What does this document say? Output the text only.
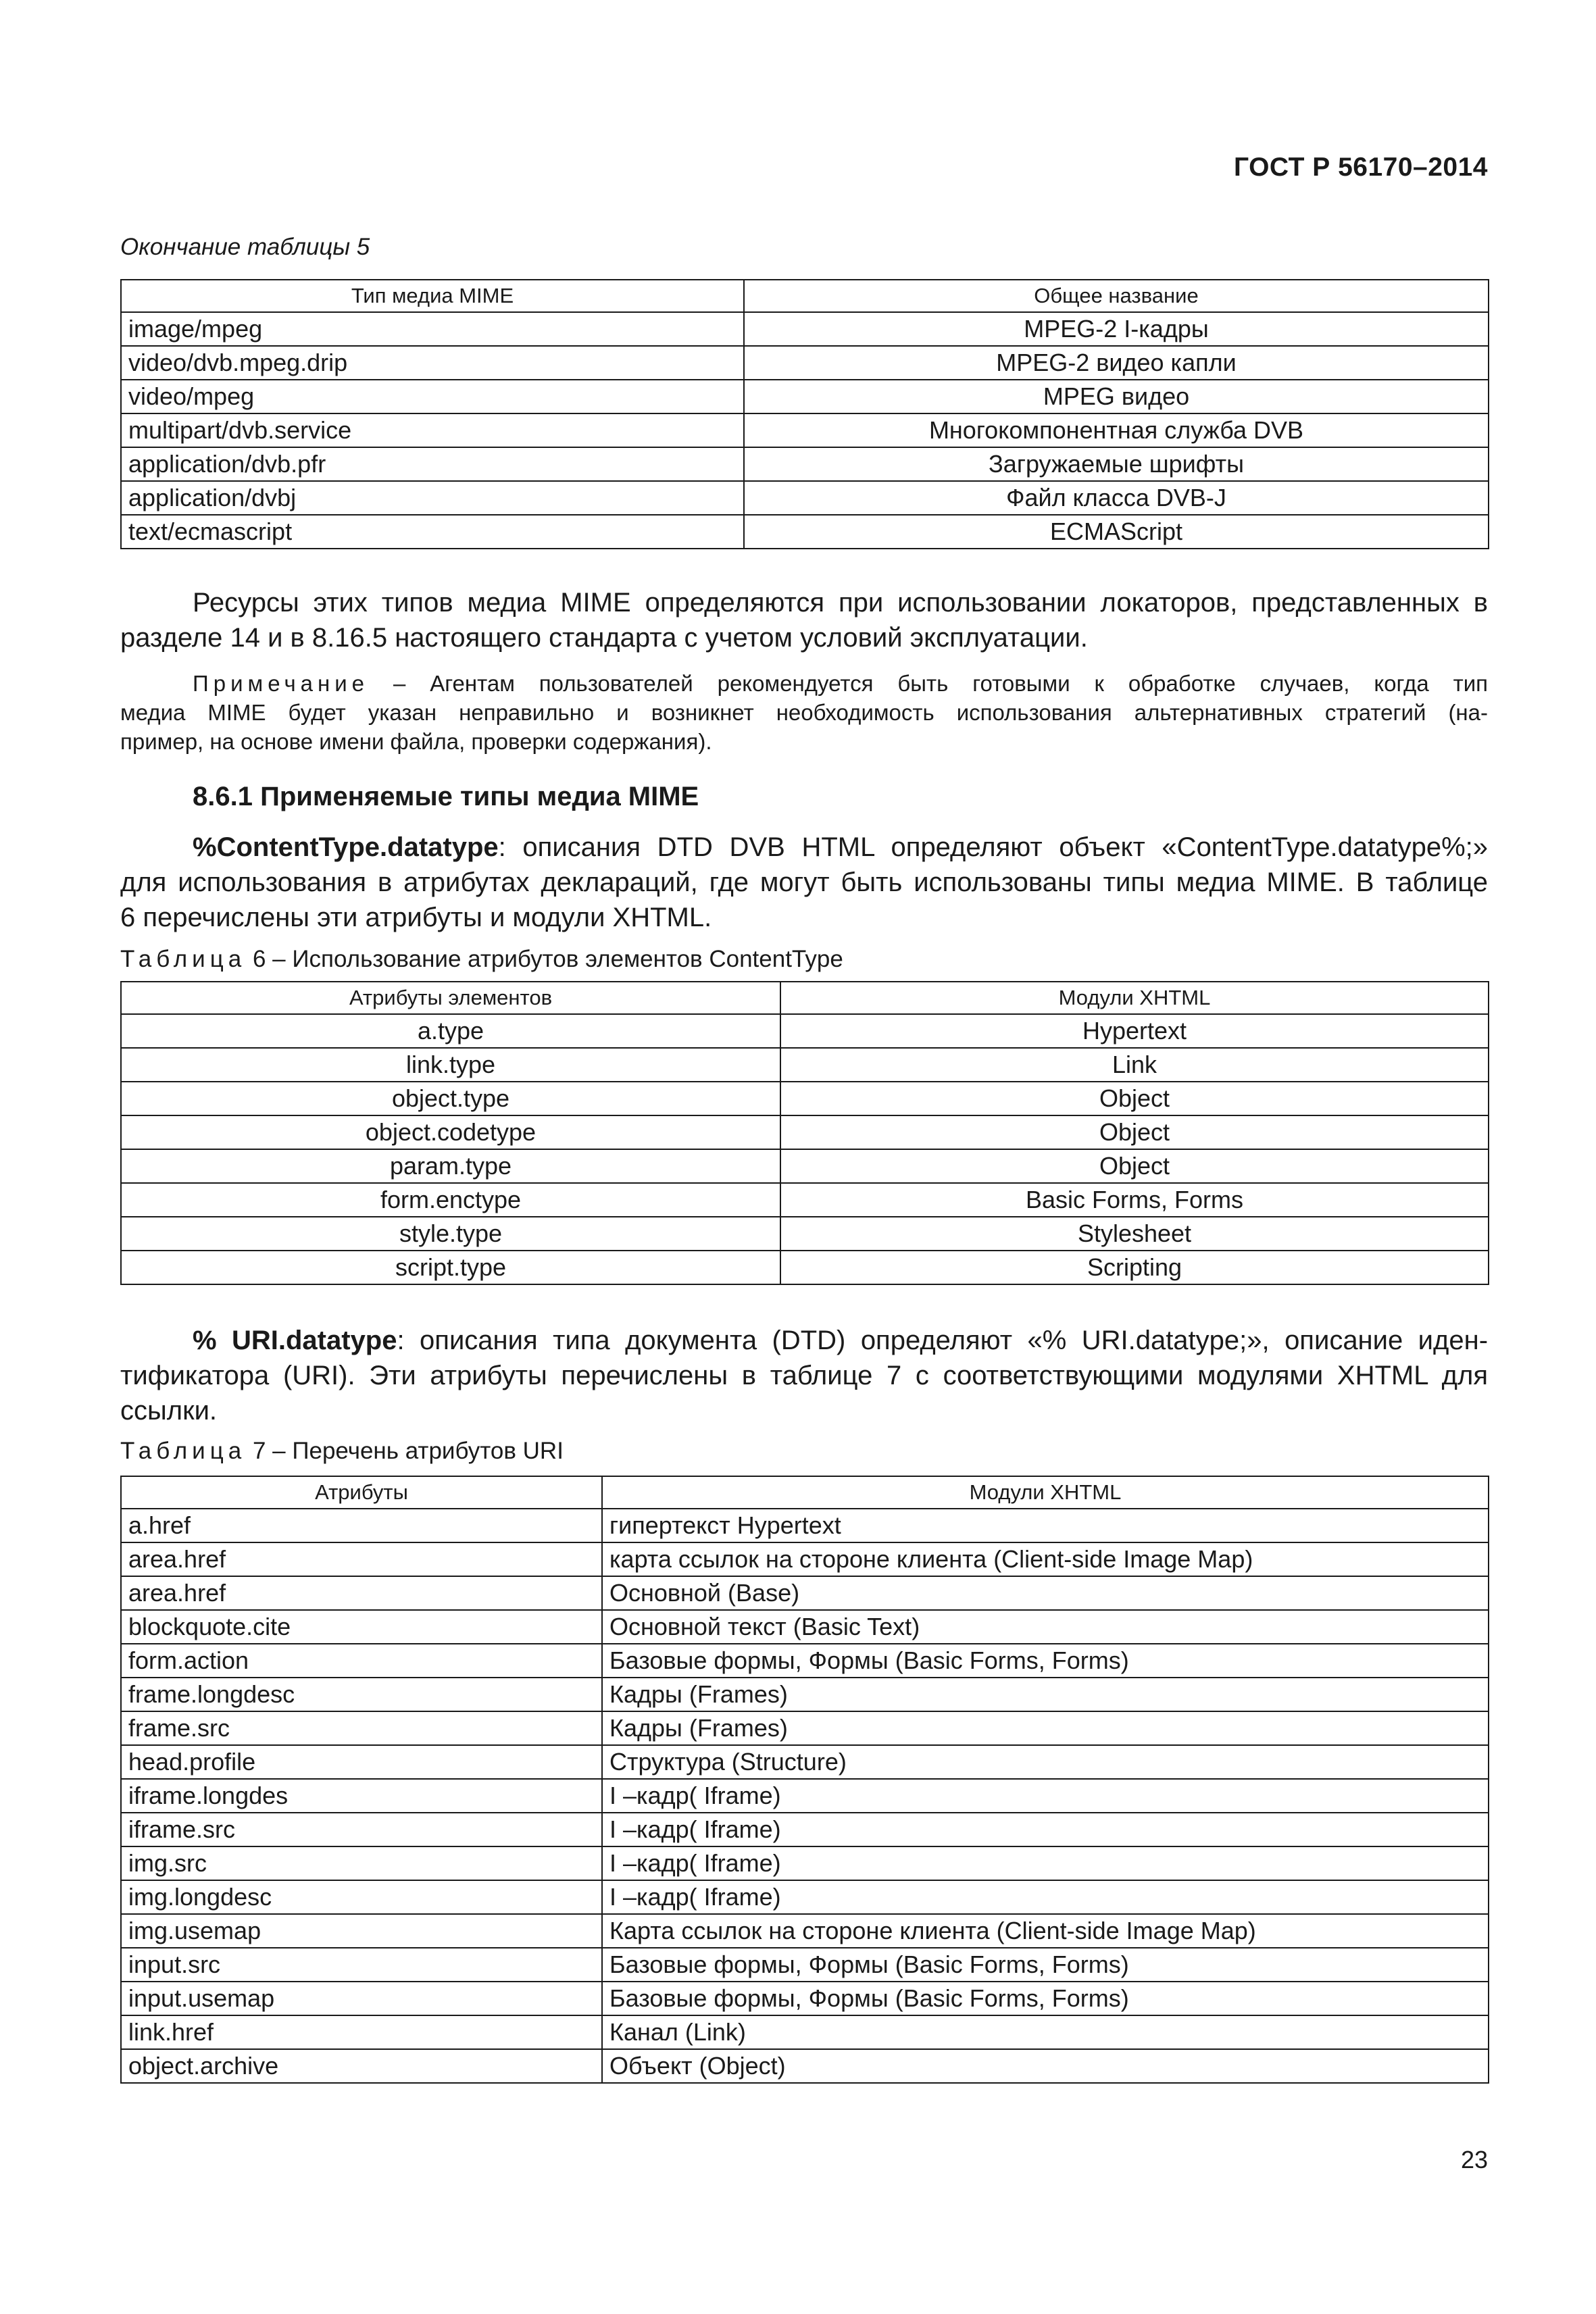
ГОСТ Р 56170–2014
Окончание таблицы 5
Тип медиа MIME	Общее название
image/mpeg	MPEG-2 I-кадры
video/dvb.mpeg.drip	MPEG-2 видео капли
video/mpeg	MPEG видео
multipart/dvb.service	Многокомпонентная служба DVB
application/dvb.pfr	Загружаемые шрифты
application/dvbj	Файл класса DVB-J
text/ecmascript	ECMAScript
Ресурсы этих типов медиа MIME определяются при использовании локаторов, представленных в
разделе 14 и в 8.16.5 настоящего стандарта с учетом условий эксплуатации.
Примечание – Агентам пользователей рекомендуется быть готовыми к обработке случаев, когда тип
медиа MIME будет указан неправильно и возникнет необходимость использования альтернативных стратегий (на-
пример, на основе имени файла, проверки содержания).
8.6.1 Применяемые типы медиа MIME
%ContentType.datatype: описания DTD DVB HTML определяют объект «ContentType.datatype%;»
для использования в атрибутах деклараций, где могут быть использованы типы медиа MIME. В таблице
6 перечислены эти атрибуты и модули XHTML.
Таблица 6 – Использование атрибутов элементов ContentType
Атрибуты элементов	Модули XHTML
a.type	Hypertext
link.type	Link
object.type	Object
object.codetype	Object
param.type	Object
form.enctype	Basic Forms, Forms
style.type	Stylesheet
script.type	Scripting
% URI.datatype: описания типа документа (DTD) определяют «% URI.datatype;», описание иден-
тификатора (URI). Эти атрибуты перечислены в таблице 7 с соответствующими модулями XHTML для
ссылки.
Таблица 7 – Перечень атрибутов URI
Атрибуты	Модули XHTML
a.href	гипертекст Hypertext
area.href	карта ссылок на стороне клиента (Client-side Image Map)
area.href	Основной (Base)
blockquote.cite	Основной текст (Basic Text)
form.action	Базовые формы, Формы (Basic Forms, Forms)
frame.longdesc	Кадры (Frames)
frame.src	Кадры (Frames)
head.profile	Структура (Structure)
iframe.longdes	I –кадр( Iframe)
iframe.src	I –кадр( Iframe)
img.src	I –кадр( Iframe)
img.longdesc	I –кадр( Iframe)
img.usemap	Карта ссылок на стороне клиента (Client-side Image Map)
input.src	Базовые формы, Формы (Basic Forms, Forms)
input.usemap	Базовые формы, Формы (Basic Forms, Forms)
link.href	Канал (Link)
object.archive	Объект (Object)
23
